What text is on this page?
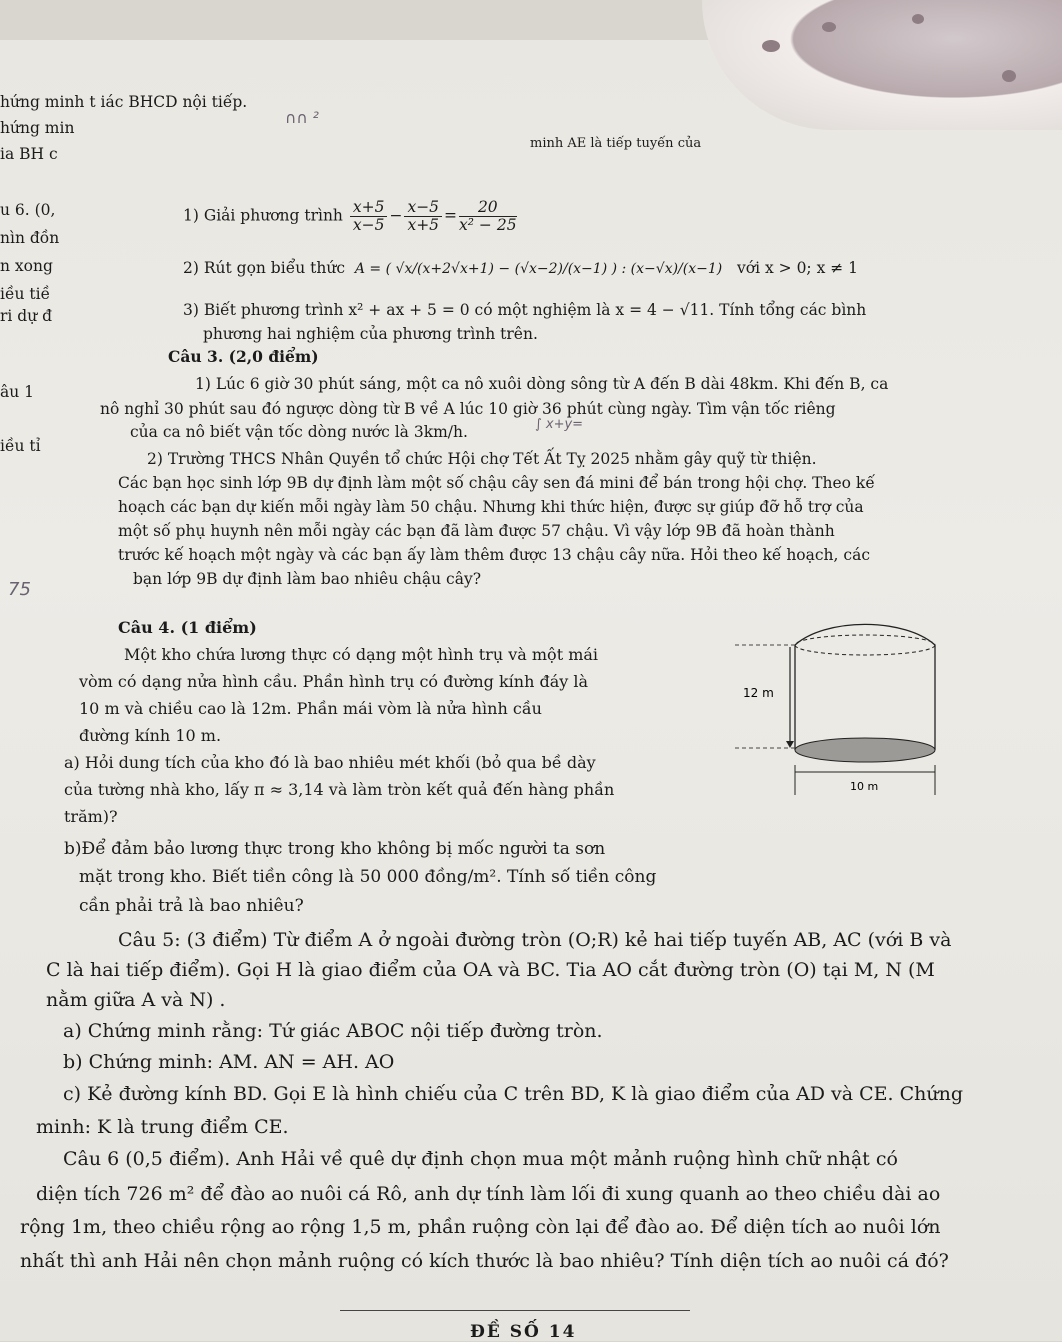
hứng minh t iác BHCD nội tiếp.
hứng min
∩∩ ²
ia BH c
minh AE là tiếp tuyến của
u 6. (0,
nìn đồn
n xong
iều tiề
ri dự đ
âu 1
iều tỉ
75
1) Giải phương trình $\frac{x+5}{x-5} - \frac{x-5}{x+5} = \frac{20}{\text{x² − 25}}$
2) Rút gọn biểu thức A = ( √x/(x+2√x+1) − (√x−2)/(x−1) ) : (x−√x)/(x−1) với x > 0; x ≠ 1
3) Biết phương trình x² + ax + 5 = 0 có một nghiệm là x = 4 − √11. Tính tổng các bình
phương hai nghiệm của phương trình trên.
Câu 3. (2,0 điểm)
1) Lúc 6 giờ 30 phút sáng, một ca nô xuôi dòng sông từ A đến B dài 48km. Khi đến B, ca
nô nghỉ 30 phút sau đó ngược dòng từ B về A lúc 10 giờ 36 phút cùng ngày. Tìm vận tốc riêng
của ca nô biết vận tốc dòng nước là 3km/h.	∫ x+y=
2) Trường THCS Nhân Quyền tổ chức Hội chợ Tết Ất Tỵ 2025 nhằm gây quỹ từ thiện.
Các bạn học sinh lớp 9B dự định làm một số chậu cây sen đá mini để bán trong hội chợ. Theo kế
hoạch các bạn dự kiến mỗi ngày làm 50 chậu. Nhưng khi thức hiện, được sự giúp đỡ hỗ trợ của
một số phụ huynh nên mỗi ngày các bạn đã làm được 57 chậu. Vì vậy lớp 9B đã hoàn thành
trước kế hoạch một ngày và các bạn ấy làm thêm được 13 chậu cây nữa. Hỏi theo kế hoạch, các
bạn lớp 9B dự định làm bao nhiêu chậu cây?
Câu 4. (1 điểm)
Một kho chứa lương thực có dạng một hình trụ và một mái
vòm có dạng nửa hình cầu. Phần hình trụ có đường kính đáy là
10 m và chiều cao là 12m. Phần mái vòm là nửa hình cầu
đường kính 10 m.
a) Hỏi dung tích của kho đó là bao nhiêu mét khối (bỏ qua bề dày
của tường nhà kho, lấy π ≈ 3,14 và làm tròn kết quả đến hàng phần
trăm)?
b)Để đảm bảo lương thực trong kho không bị mốc người ta sơn
mặt trong kho. Biết tiền công là 50 000 đồng/m². Tính số tiền công
cần phải trả là bao nhiêu?
12 m
10 m
Câu 5: (3 điểm) Từ điểm A ở ngoài đường tròn (O;R) kẻ hai tiếp tuyến AB, AC (với B và
C là hai tiếp điểm). Gọi H là giao điểm của OA và BC. Tia AO cắt đường tròn (O) tại M, N (M
nằm giữa A và N) .
a) Chứng minh rằng: Tứ giác ABOC nội tiếp đường tròn.
b) Chứng minh: AM. AN = AH. AO
c) Kẻ đường kính BD. Gọi E là hình chiếu của C trên BD, K là giao điểm của AD và CE. Chứng
minh: K là trung điểm CE.
Câu 6 (0,5 điểm). Anh Hải về quê dự định chọn mua một mảnh ruộng hình chữ nhật có
diện tích 726 m² để đào ao nuôi cá Rô, anh dự tính làm lối đi xung quanh ao theo chiều dài ao
rộng 1m, theo chiều rộng ao rộng 1,5 m, phần ruộng còn lại để đào ao. Để diện tích ao nuôi lớn
nhất thì anh Hải nên chọn mảnh ruộng có kích thước là bao nhiêu? Tính diện tích ao nuôi cá đó?
ĐỀ SỐ 14
